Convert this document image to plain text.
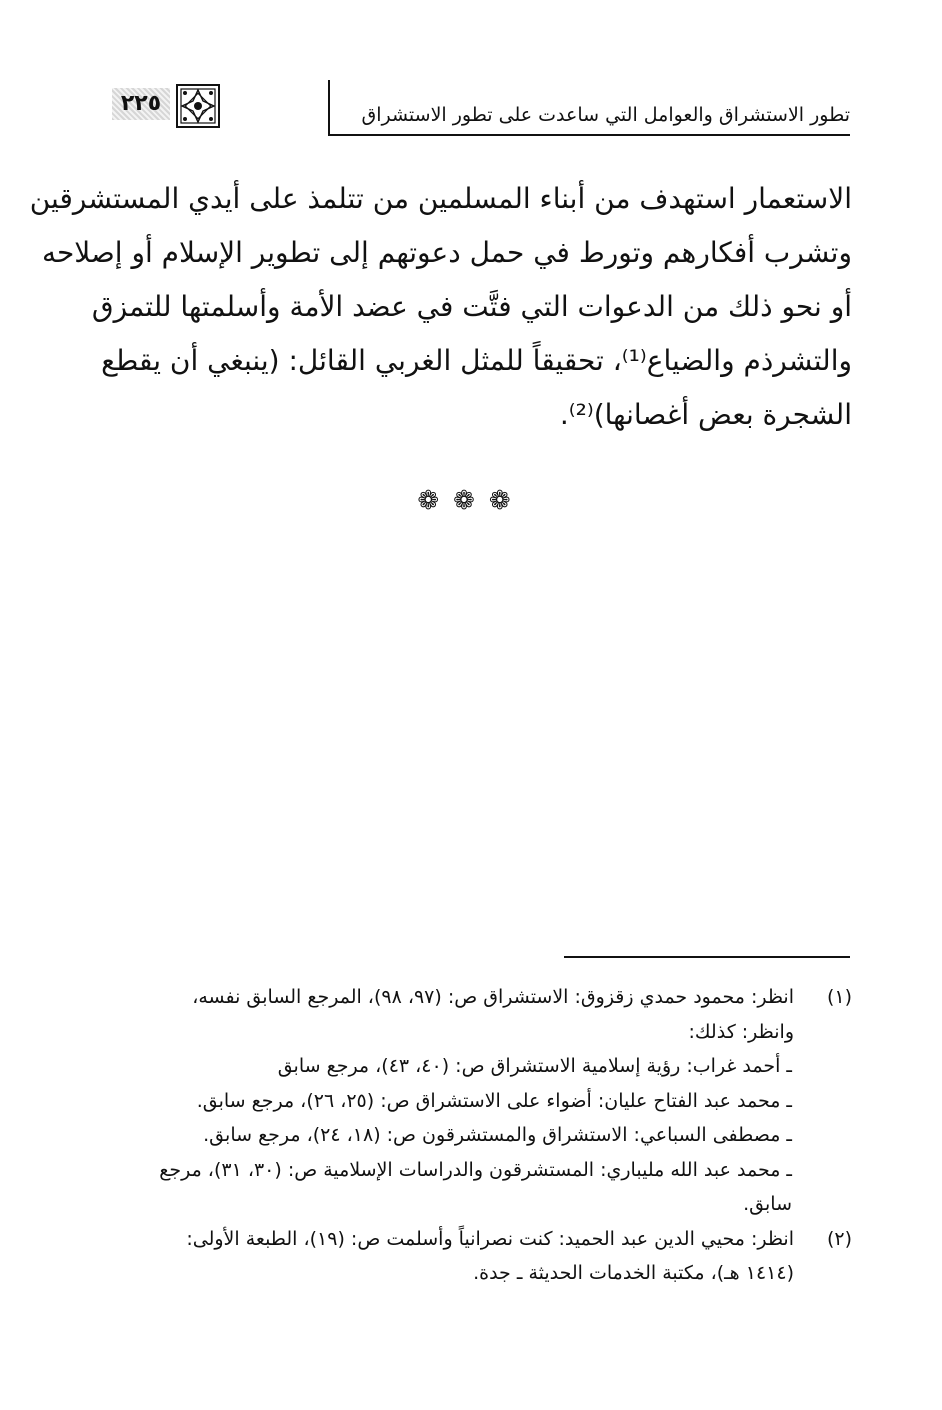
تطور الاستشراق والعوامل التي ساعدت على تطور الاستشراق
٢٢٥
الاستعمار استهدف من أبناء المسلمين من تتلمذ على أيدي المستشرقين
وتشرب أفكارهم وتورط في حمل دعوتهم إلى تطوير الإسلام أو إصلاحه
أو نحو ذلك من الدعوات التي فتَّت في عضد الأمة وأسلمتها للتمزق
والتشرذم والضياع⁽¹⁾، تحقيقاً للمثل الغربي القائل: (ينبغي أن يقطع
الشجرة بعض أغصانها)⁽²⁾.
❁❁❁
(١)
انظر: محمود حمدي زقزوق: الاستشراق ص: (٩٧، ٩٨)، المرجع السابق نفسه،
وانظر: كذلك:
ـ أحمد غراب: رؤية إسلامية الاستشراق ص: (٤٠، ٤٣)، مرجع سابق
ـ محمد عبد الفتاح عليان: أضواء على الاستشراق ص: (٢٥، ٢٦)، مرجع سابق.
ـ مصطفى السباعي: الاستشراق والمستشرقون ص: (١٨، ٢٤)، مرجع سابق.
ـ محمد عبد الله مليباري: المستشرقون والدراسات الإسلامية ص: (٣٠، ٣١)، مرجع
سابق.
(٢)
انظر: محيي الدين عبد الحميد: كنت نصرانياً وأسلمت ص: (١٩)، الطبعة الأولى:
(١٤١٤ هـ)، مكتبة الخدمات الحديثة ـ جدة.
